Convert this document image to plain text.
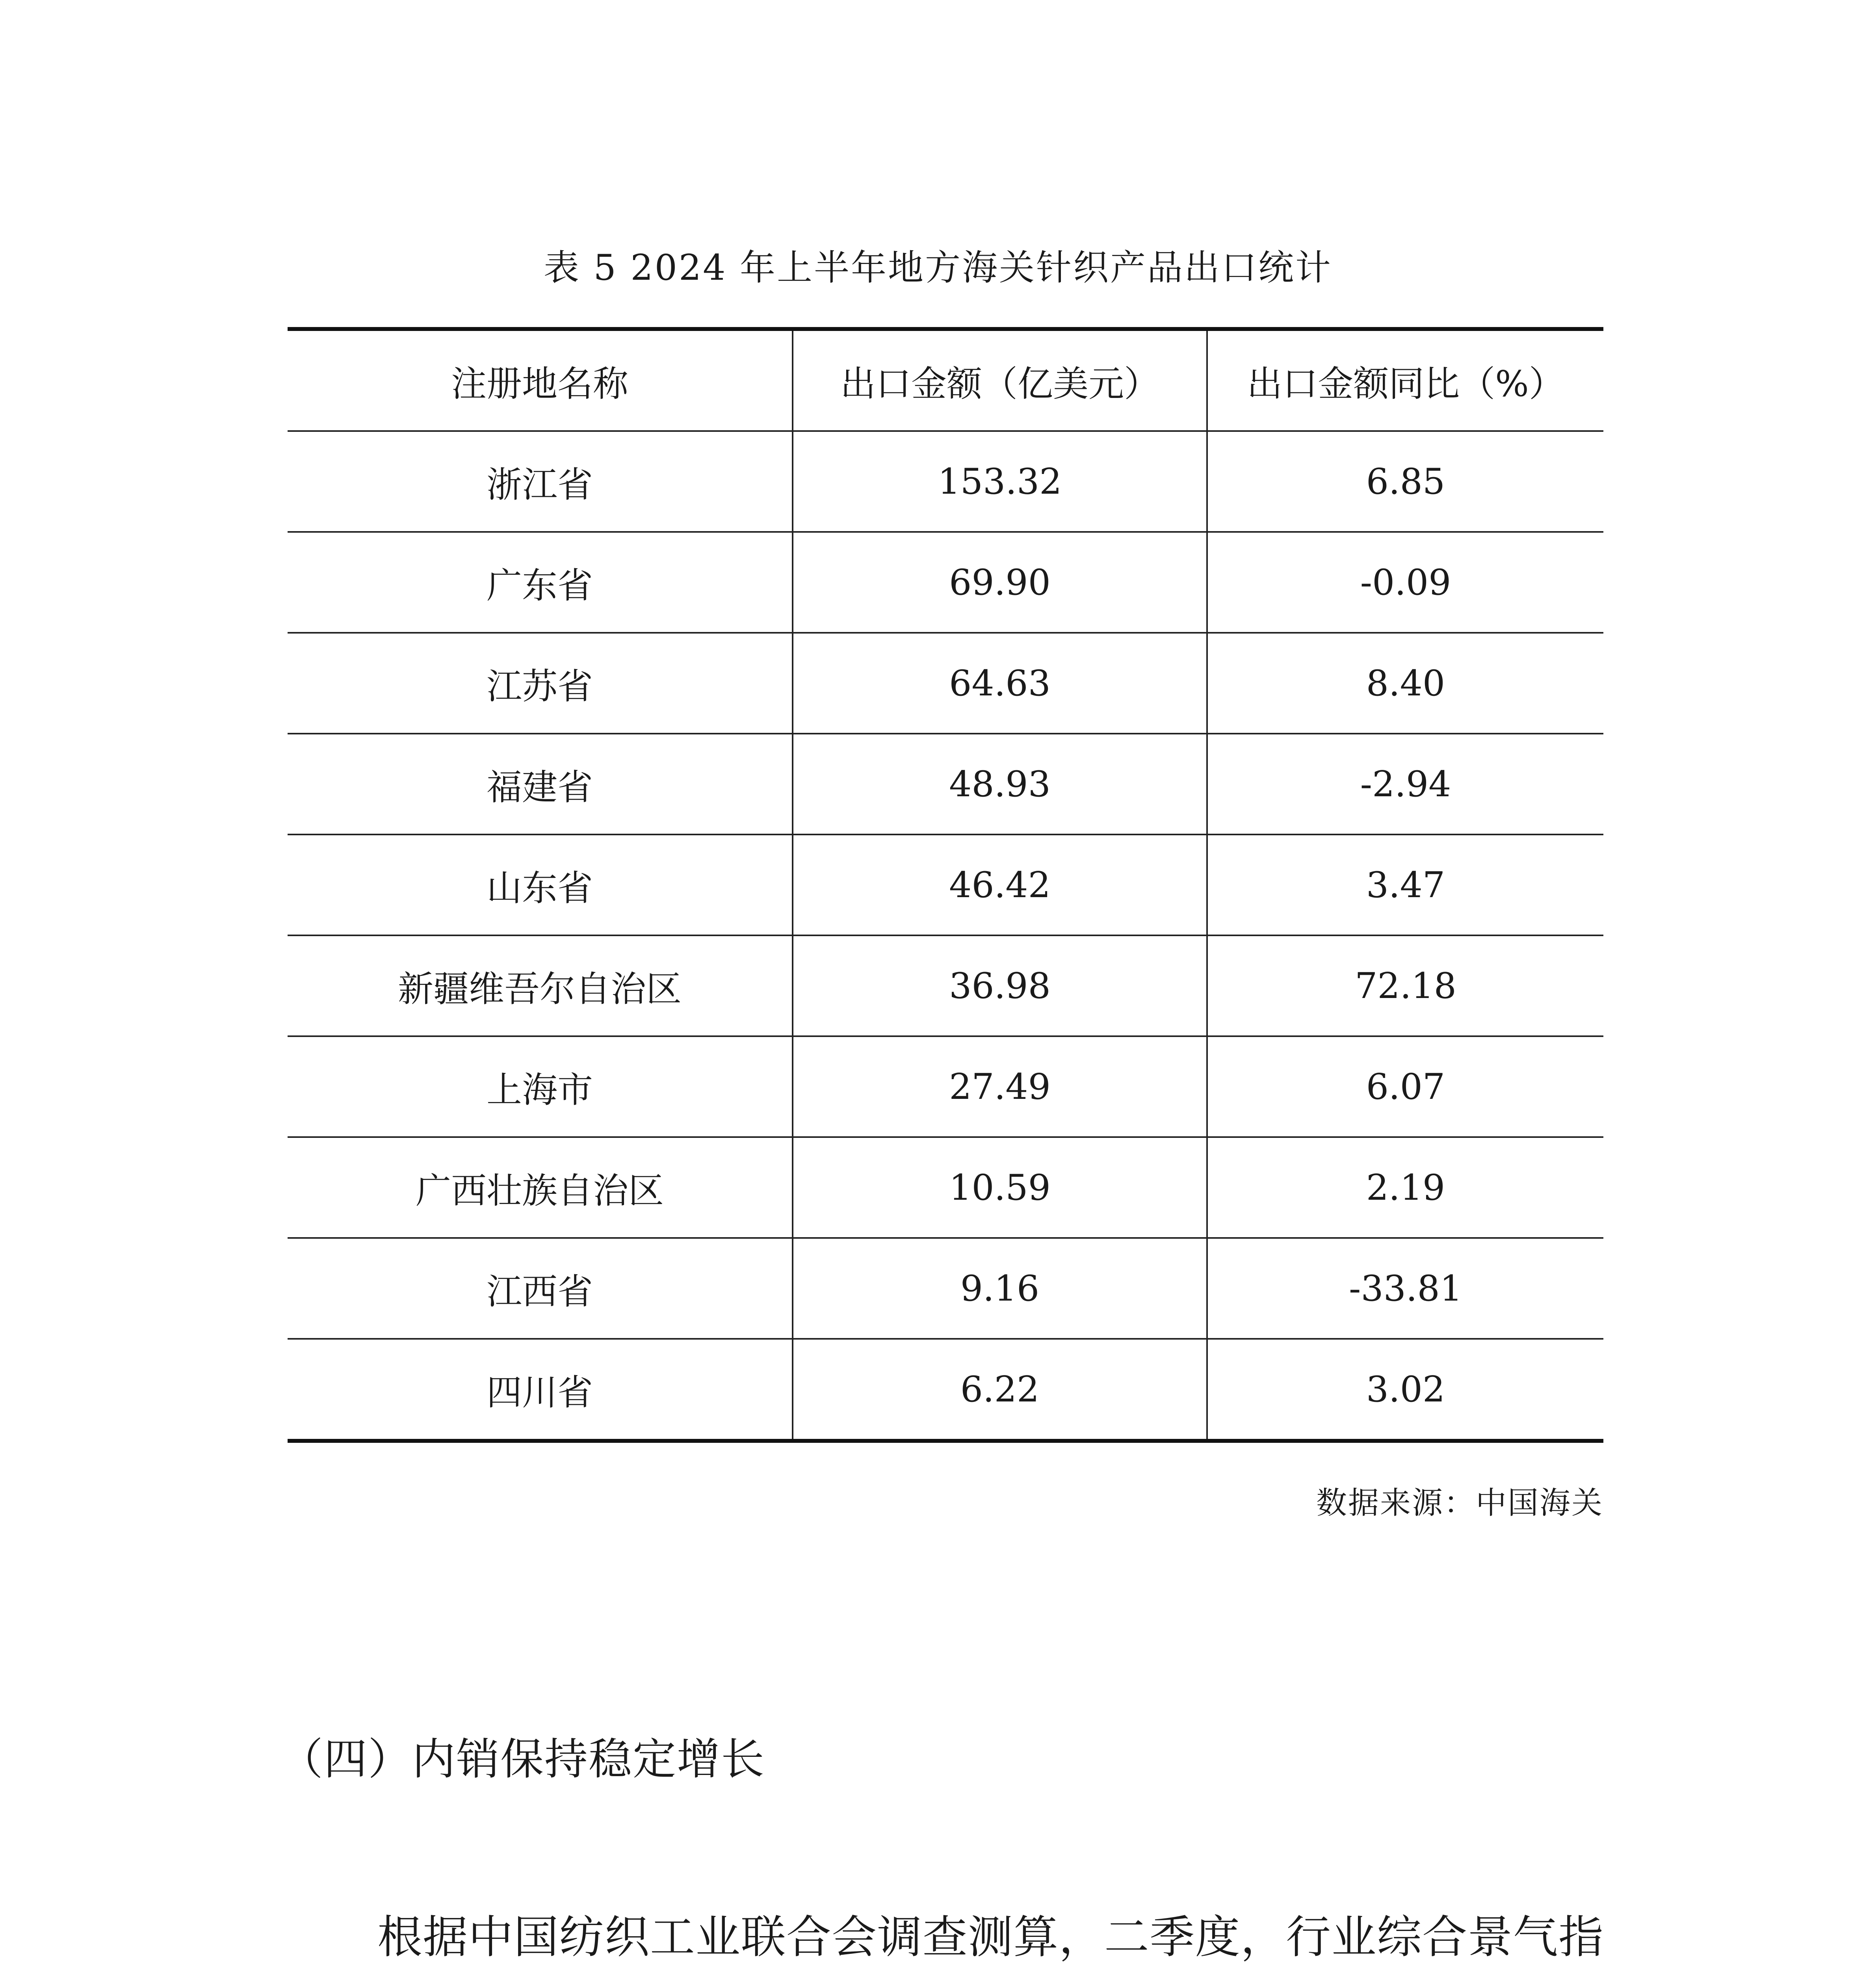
表 5 2024 年上半年地方海关针织产品出口统计
注册地名称	出口金额（亿美元）	出口金额同比（%）
浙江省	153.32	6.85
广东省	69.90	-0.09
江苏省	64.63	8.40
福建省	48.93	-2.94
山东省	46.42	3.47
新疆维吾尔自治区	36.98	72.18
上海市	27.49	6.07
广西壮族自治区	10.59	2.19
江西省	9.16	-33.81
四川省	6.22	3.02
数据来源：中国海关
（四）内销保持稳定增长

根据中国纺织工业联合会调查测算，二季度，行业综合景气指
